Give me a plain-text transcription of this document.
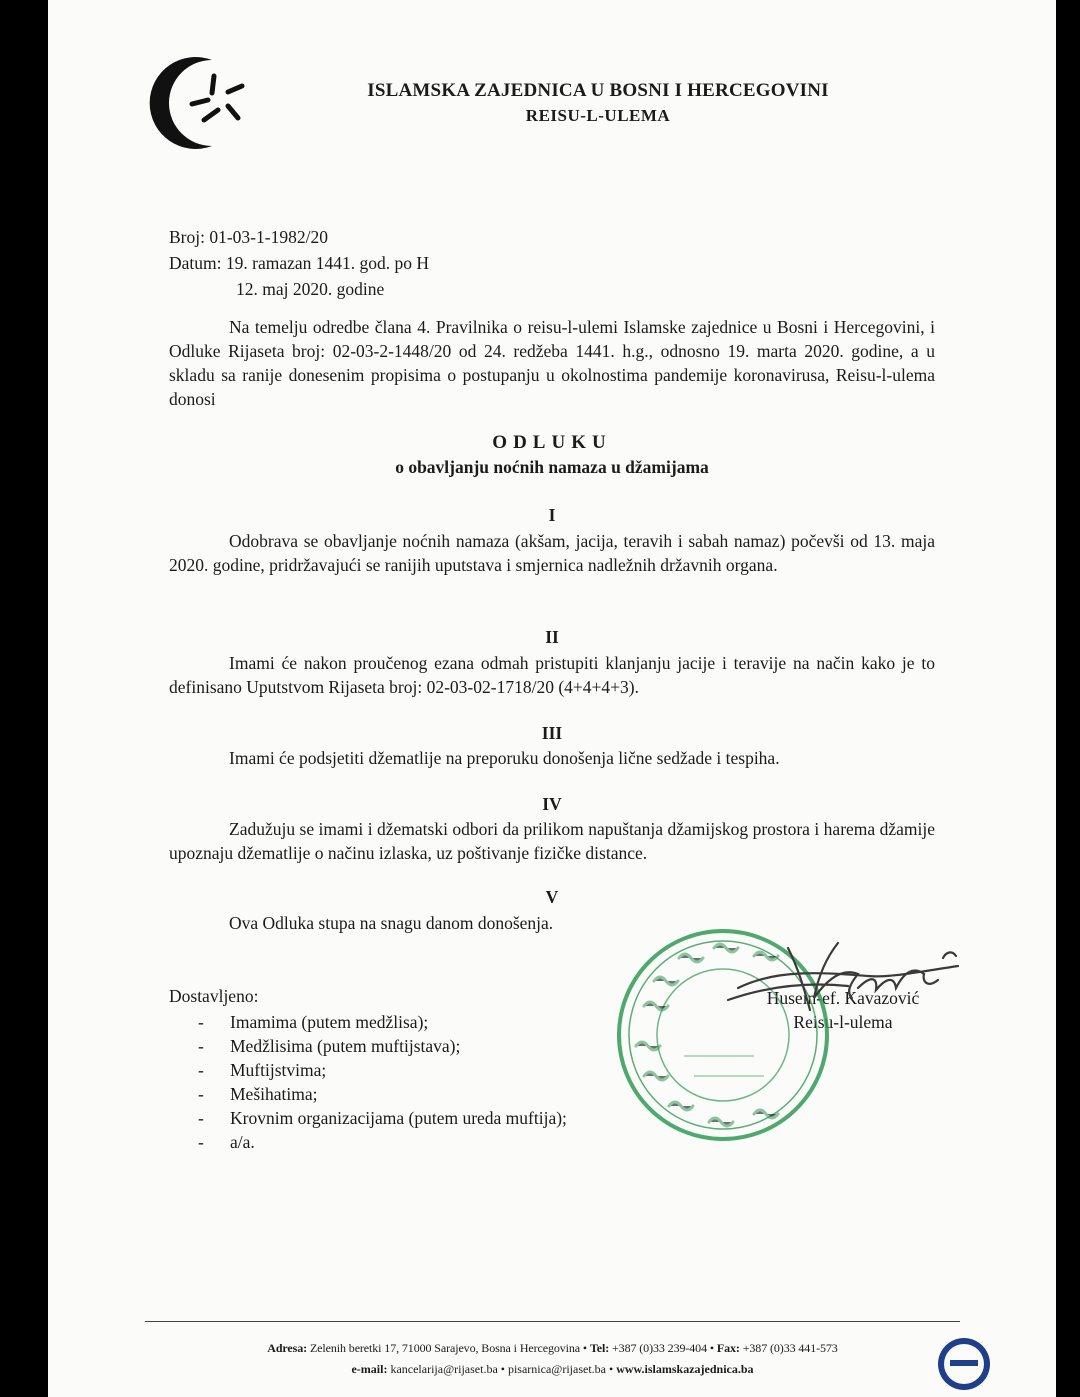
ISLAMSKA ZAJEDNICA U BOSNI I HERCEGOVINI
REISU-L-ULEMA
Broj: 01-03-1-1982/20
Datum: 19. ramazan 1441. god. po H
12. maj 2020. godine
Na temelju odredbe člana 4. Pravilnika o reisu-l-ulemi Islamske zajednice u Bosni i Hercegovini, i Odluke Rijaseta broj: 02-03-2-1448/20 od 24. redžeba 1441. h.g., odnosno 19. marta 2020. godine, a u skladu sa ranije donesenim propisima o postupanju u okolnostima pandemije koronavirusa, Reisu-l-ulema donosi
ODLUKU
o obavljanju noćnih namaza u džamijama
I
Odobrava se obavljanje noćnih namaza (akšam, jacija, teravih i sabah namaz) počevši od 13. maja 2020. godine, pridržavajući se ranijih uputstava i smjernica nadležnih državnih organa.
II
Imami će nakon proučenog ezana odmah pristupiti klanjanju jacije i teravije na način kako je to definisano Uputstvom Rijaseta broj: 02-03-02-1718/20 (4+4+4+3).
III
Imami će podsjetiti džematlije na preporuku donošenja lične sedžade i tespiha.
IV
Zadužuju se imami i džematski odbori da prilikom napuštanja džamijskog prostora i harema džamije upoznaju džematlije o načinu izlaska, uz poštivanje fizičke distance.
V
Ova Odluka stupa na snagu danom donošenja.
Husein-ef. Kavazović
Reisu-l-ulema
Dostavljeno:
- Imamima (putem medžlisa);
- Medžlisima (putem muftijstava);
- Muftijstvima;
- Mešihatima;
- Krovnim organizacijama (putem ureda muftija);
- a/a.
Adresa: Zelenih beretki 17, 71000 Sarajevo, Bosna i Hercegovina • Tel: +387 (0)33 239-404 • Fax: +387 (0)33 441-573
e-mail: kancelarija@rijaset.ba • pisarnica@rijaset.ba • www.islamskazajednica.ba
